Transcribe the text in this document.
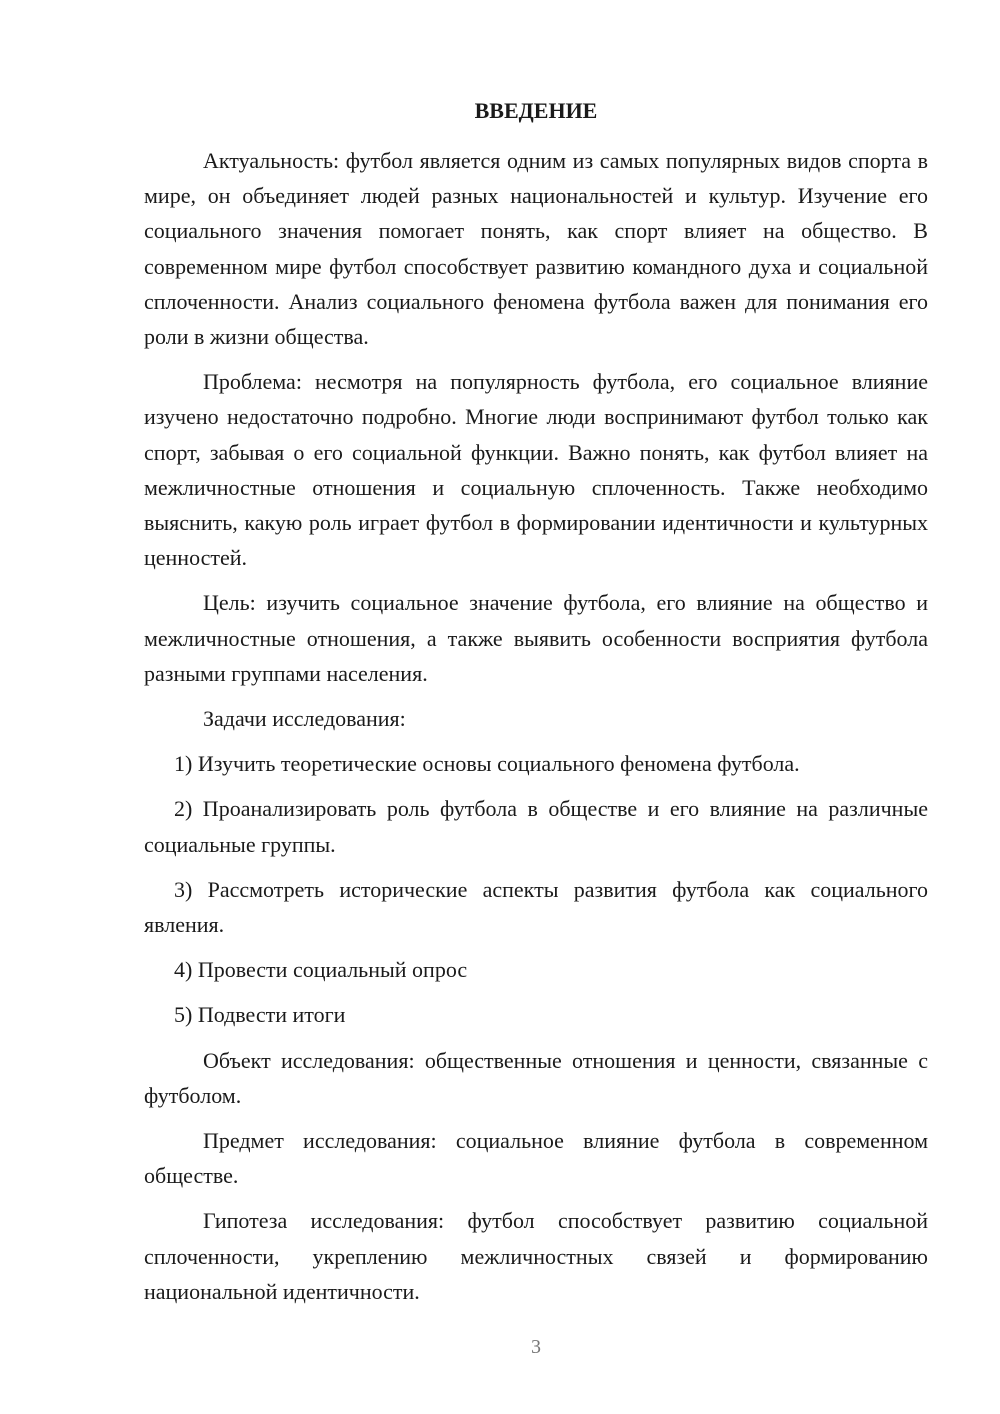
ВВЕДЕНИЕ

Актуальность: футбол является одним из самых популярных видов спорта в мире, он объединяет людей разных национальностей и культур. Изучение его социального значения помогает понять, как спорт влияет на общество. В современном мире футбол способствует развитию командного духа и социальной сплоченности. Анализ социального феномена футбола важен для понимания его роли в жизни общества.

Проблема: несмотря на популярность футбола, его социальное влияние изучено недостаточно подробно. Многие люди воспринимают футбол только как спорт, забывая о его социальной функции. Важно понять, как футбол влияет на межличностные отношения и социальную сплоченность. Также необходимо выяснить, какую роль играет футбол в формировании идентичности и культурных ценностей.

Цель: изучить социальное значение футбола, его влияние на общество и межличностные отношения, а также выявить особенности восприятия футбола разными группами населения.

Задачи исследования:

1) Изучить теоретические основы социального феномена футбола.

2) Проанализировать роль футбола в обществе и его влияние на различные социальные группы.

3) Рассмотреть исторические аспекты развития футбола как социального явления.

4) Провести социальный опрос

5) Подвести итоги

Объект исследования: общественные отношения и ценности, связанные с футболом.

Предмет исследования: социальное влияние футбола в современном обществе.

Гипотеза исследования: футбол способствует развитию социальной сплоченности, укреплению межличностных связей и формированию национальной идентичности.

3
